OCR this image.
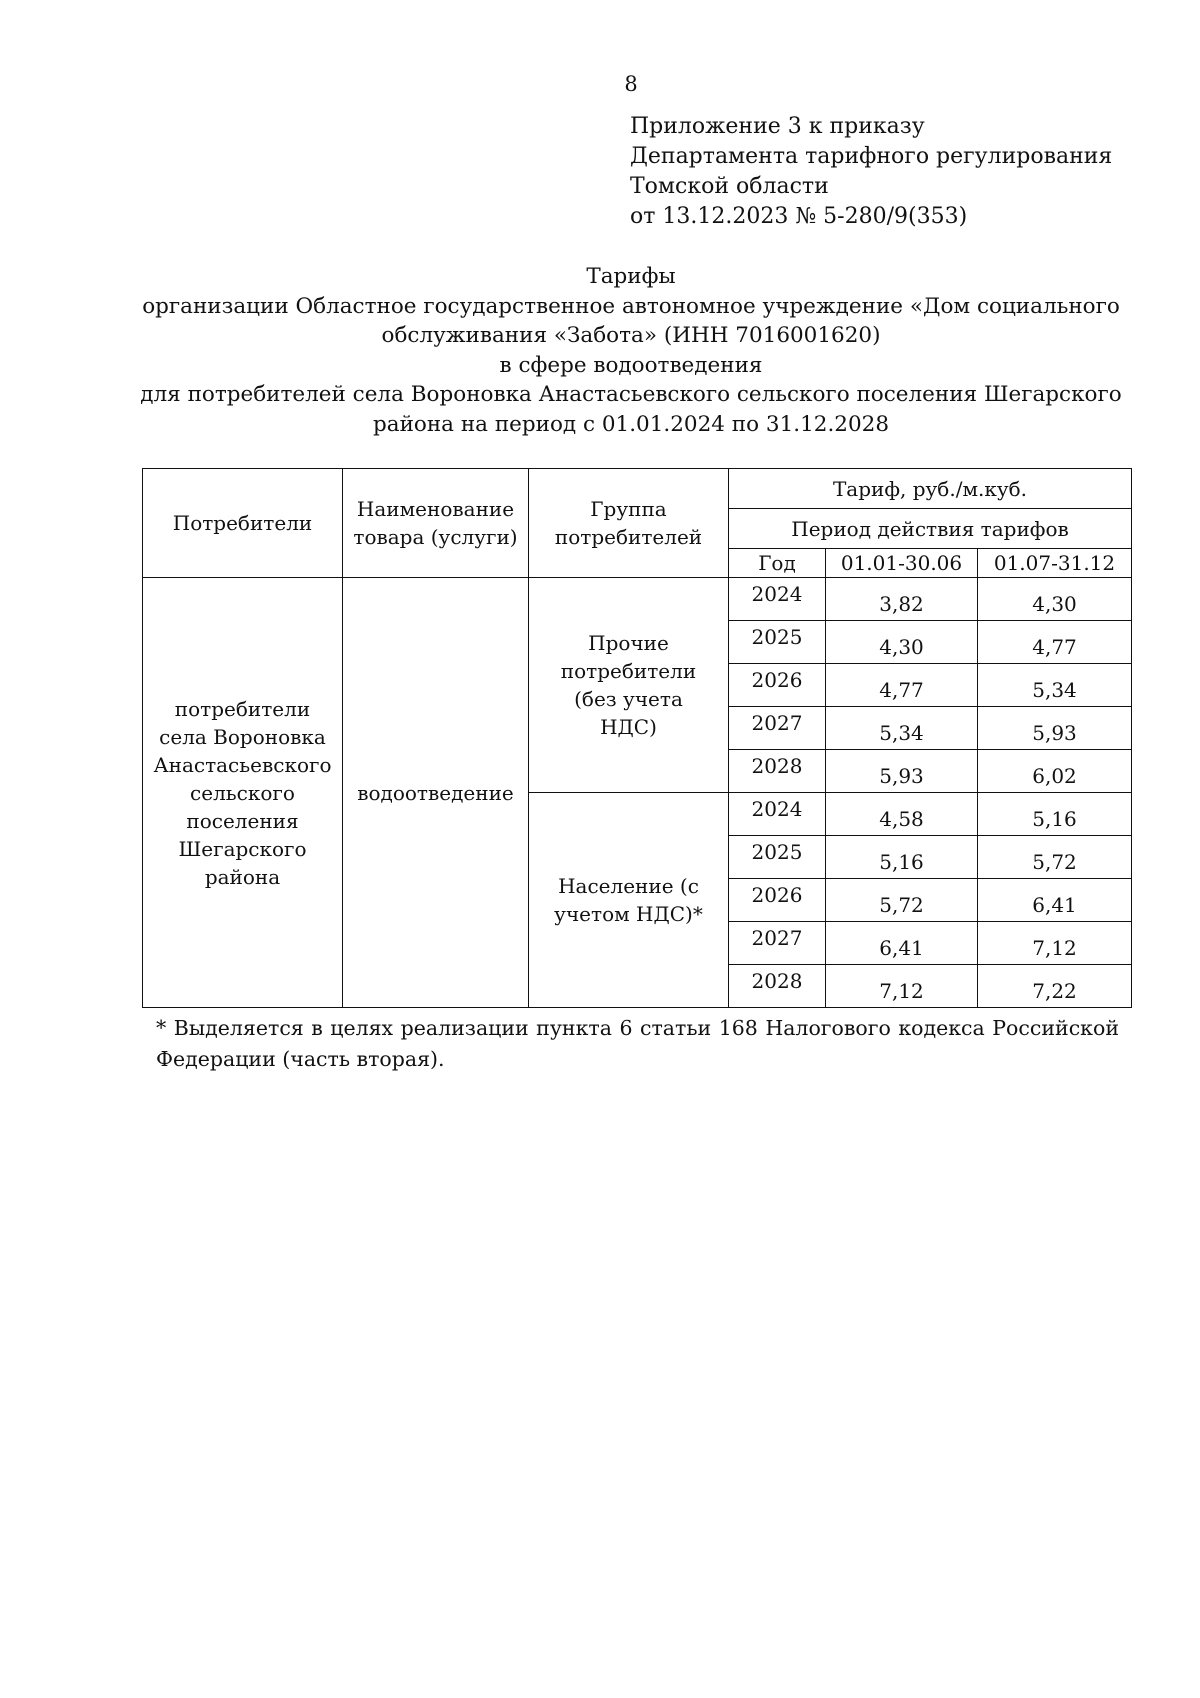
8
Приложение 3 к приказу
Департамента тарифного регулирования
Томской области
от 13.12.2023 № 5-280/9(353)
Тарифы
организации Областное государственное автономное учреждение «Дом социального
обслуживания «Забота» (ИНН 7016001620)
в сфере водоотведения
для потребителей села Вороновка Анастасьевского сельского поселения Шегарского
района на период с 01.01.2024 по 31.12.2028
Потребители	Наименование товара (услуги)	Группа потребителей	Тариф, руб./м.куб.		
			Период действия тарифов		
			Год	01.01-30.06	01.07-31.12
потребители села Вороновка Анастасьевского сельского поселения Шегарского района	водоотведение	Прочие потребители (без учета НДС)	2024	3,82	4,30
			2025	4,30	4,77
			2026	4,77	5,34
			2027	5,34	5,93
			2028	5,93	6,02
		Население (с учетом НДС)*	2024	4,58	5,16
			2025	5,16	5,72
			2026	5,72	6,41
			2027	6,41	7,12
			2028	7,12	7,22
* Выделяется в целях реализации пункта 6 статьи 168 Налогового кодекса Российской Федерации (часть вторая).
